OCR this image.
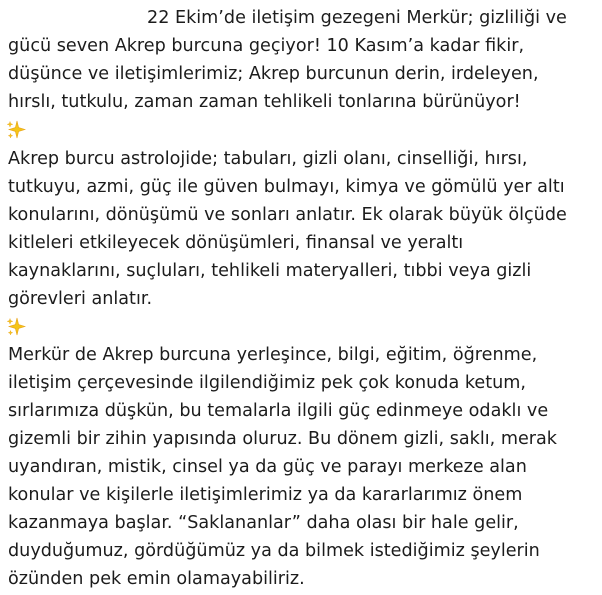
22 Ekim’de iletişim gezegeni Merkür; gizliliği ve
gücü seven Akrep burcuna geçiyor! 10 Kasım’a kadar fikir,
düşünce ve iletişimlerimiz; Akrep burcunun derin, irdeleyen,
hırslı, tutkulu, zaman zaman tehlikeli tonlarına bürünüyor!
Akrep burcu astrolojide; tabuları, gizli olanı, cinselliği, hırsı,
tutkuyu, azmi, güç ile güven bulmayı, kimya ve gömülü yer altı
konularını, dönüşümü ve sonları anlatır. Ek olarak büyük ölçüde
kitleleri etkileyecek dönüşümleri, finansal ve yeraltı
kaynaklarını, suçluları, tehlikeli materyalleri, tıbbi veya gizli
görevleri anlatır.
Merkür de Akrep burcuna yerleşince, bilgi, eğitim, öğrenme,
iletişim çerçevesinde ilgilendiğimiz pek çok konuda ketum,
sırlarımıza düşkün, bu temalarla ilgili güç edinmeye odaklı ve
gizemli bir zihin yapısında oluruz. Bu dönem gizli, saklı, merak
uyandıran, mistik, cinsel ya da güç ve parayı merkeze alan
konular ve kişilerle iletişimlerimiz ya da kararlarımız önem
kazanmaya başlar. “Saklananlar” daha olası bir hale gelir,
duyduğumuz, gördüğümüz ya da bilmek istediğimiz şeylerin
özünden pek emin olamayabiliriz.
